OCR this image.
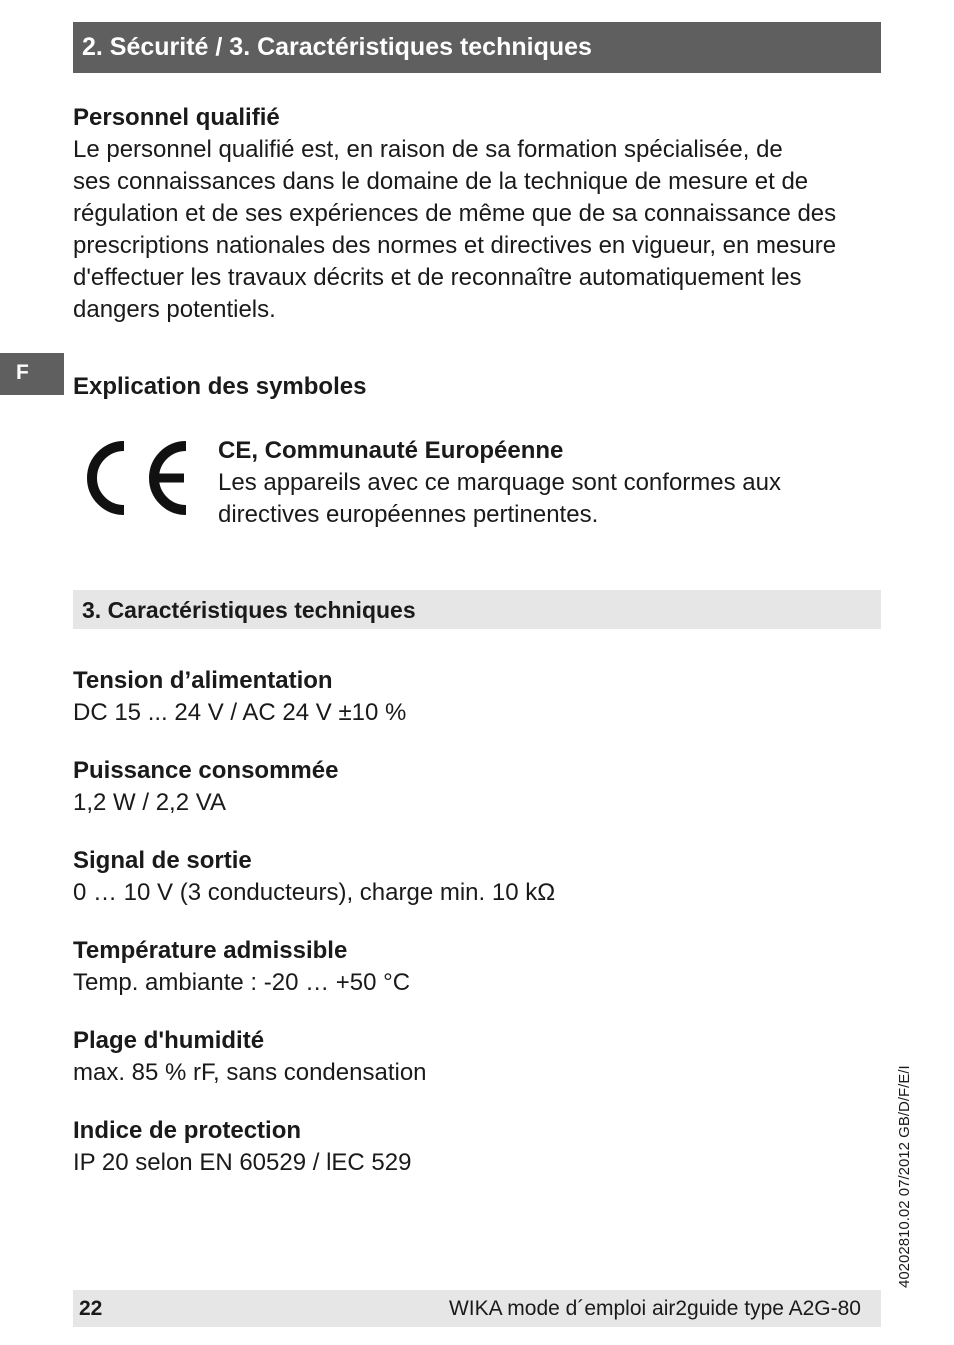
2. Sécurité / 3. Caractéristiques techniques
F
Personnel qualifié
Le personnel qualifié est, en raison de sa formation spécialisée, de
ses connaissances dans le domaine de la technique de mesure et de
régulation et de ses expériences de même que de sa connaissance des
prescriptions nationales des normes et directives en vigueur, en mesure
d'effectuer les travaux décrits et de reconnaître automatiquement les
dangers potentiels.
Explication des symboles
CE, Communauté Européenne
Les appareils avec ce marquage sont conformes aux
directives européennes pertinentes.
3. Caractéristiques techniques
Tension d’alimentation
DC 15 ... 24 V / AC 24 V ±10 %
Puissance consommée
1,2 W / 2,2 VA
Signal de sortie
0 … 10 V (3 conducteurs), charge min. 10 kΩ
Température admissible
Temp. ambiante : -20 … +50 °C
Plage d'humidité
max. 85 % rF, sans condensation
Indice de protection
IP 20 selon EN 60529 / lEC 529	40202810.02 07/2012 GB/D/F/E/I
22	WIKA mode d´emploi air2guide type A2G-80
